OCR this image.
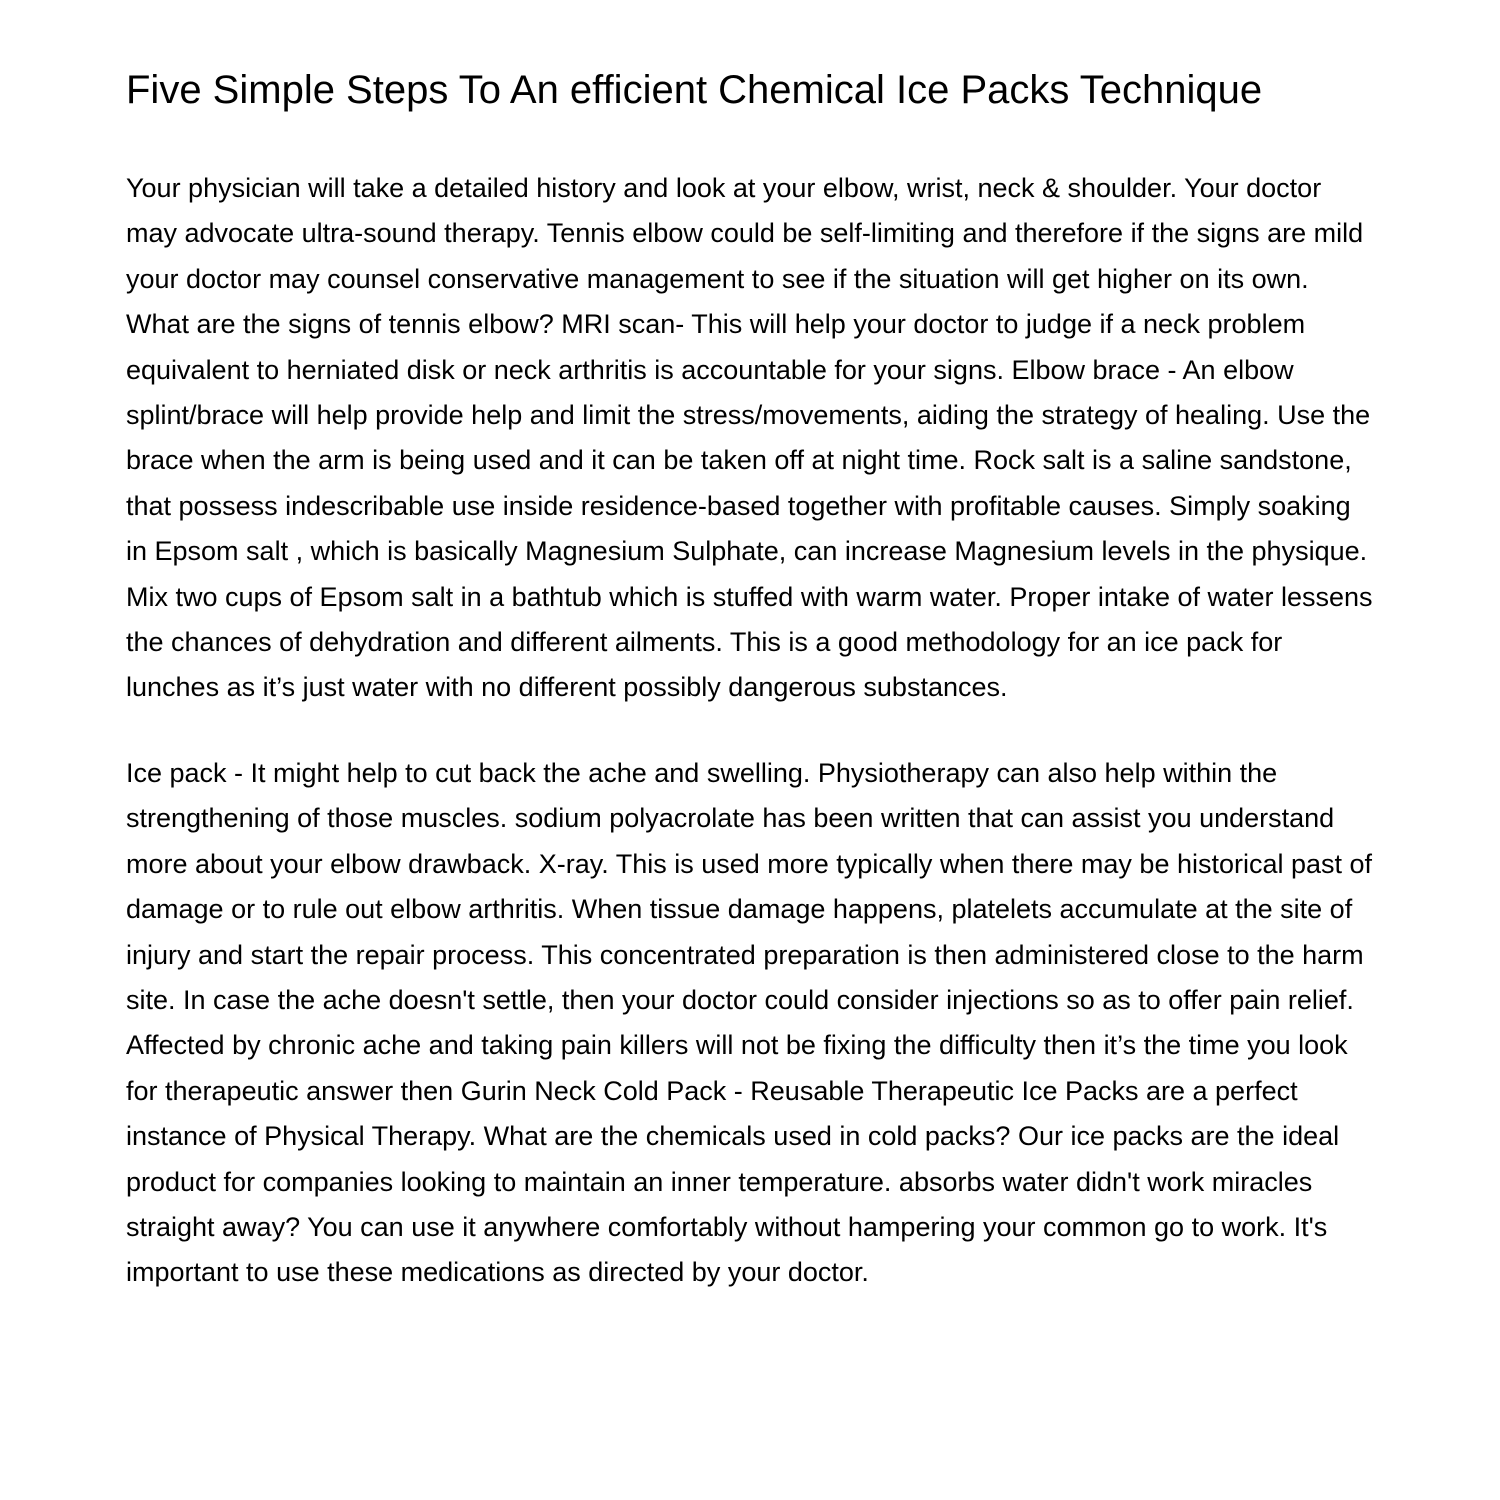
Five Simple Steps To An efficient Chemical Ice Packs Technique

Your physician will take a detailed history and look at your elbow, wrist, neck & shoulder. Your doctor may advocate ultra-sound therapy. Tennis elbow could be self-limiting and therefore if the signs are mild your doctor may counsel conservative management to see if the situation will get higher on its own. What are the signs of tennis elbow? MRI scan- This will help your doctor to judge if a neck problem equivalent to herniated disk or neck arthritis is accountable for your signs. Elbow brace - An elbow splint/brace will help provide help and limit the stress/movements, aiding the strategy of healing. Use the brace when the arm is being used and it can be taken off at night time. Rock salt is a saline sandstone, that possess indescribable use inside residence-based together with profitable causes. Simply soaking in Epsom salt , which is basically Magnesium Sulphate, can increase Magnesium levels in the physique. Mix two cups of Epsom salt in a bathtub which is stuffed with warm water. Proper intake of water lessens the chances of dehydration and different ailments. This is a good methodology for an ice pack for lunches as it’s just water with no different possibly dangerous substances.

Ice pack - It might help to cut back the ache and swelling. Physiotherapy can also help within the strengthening of those muscles. sodium polyacrolate has been written that can assist you understand more about your elbow drawback. X-ray. This is used more typically when there may be historical past of damage or to rule out elbow arthritis. When tissue damage happens, platelets accumulate at the site of injury and start the repair process. This concentrated preparation is then administered close to the harm site. In case the ache doesn't settle, then your doctor could consider injections so as to offer pain relief. Affected by chronic ache and taking pain killers will not be fixing the difficulty then it’s the time you look for therapeutic answer then Gurin Neck Cold Pack - Reusable Therapeutic Ice Packs are a perfect instance of Physical Therapy. What are the chemicals used in cold packs? Our ice packs are the ideal product for companies looking to maintain an inner temperature. absorbs water didn't work miracles straight away? You can use it anywhere comfortably without hampering your common go to work. It's important to use these medications as directed by your doctor.
